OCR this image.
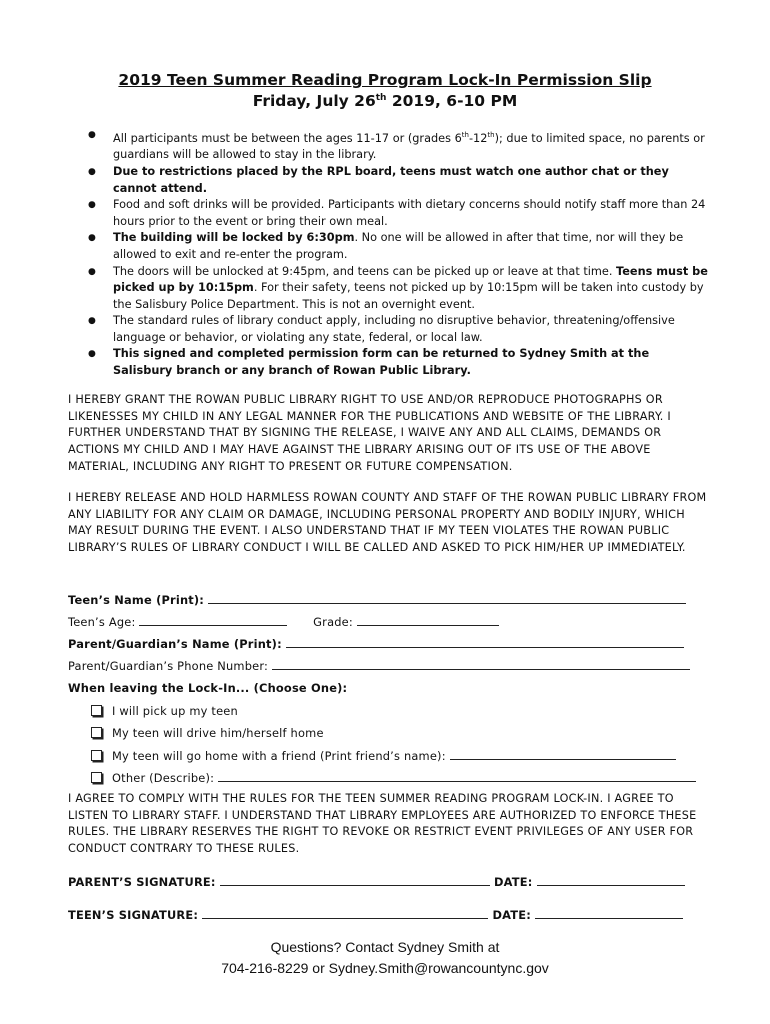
2019 Teen Summer Reading Program Lock-In Permission Slip
Friday, July 26th 2019, 6-10 PM
● All participants must be between the ages 11-17 or (grades 6th-12th); due to limited space, no parents or guardians will be allowed to stay in the library.
● Due to restrictions placed by the RPL board, teens must watch one author chat or they cannot attend.
● Food and soft drinks will be provided. Participants with dietary concerns should notify staff more than 24 hours prior to the event or bring their own meal.
● The building will be locked by 6:30pm. No one will be allowed in after that time, nor will they be allowed to exit and re-enter the program.
● The doors will be unlocked at 9:45pm, and teens can be picked up or leave at that time. Teens must be picked up by 10:15pm. For their safety, teens not picked up by 10:15pm will be taken into custody by the Salisbury Police Department. This is not an overnight event.
● The standard rules of library conduct apply, including no disruptive behavior, threatening/offensive language or behavior, or violating any state, federal, or local law.
● This signed and completed permission form can be returned to Sydney Smith at the Salisbury branch or any branch of Rowan Public Library.

I HEREBY GRANT THE ROWAN PUBLIC LIBRARY RIGHT TO USE AND/OR REPRODUCE PHOTOGRAPHS OR LIKENESSES MY CHILD IN ANY LEGAL MANNER FOR THE PUBLICATIONS AND WEBSITE OF THE LIBRARY. I FURTHER UNDERSTAND THAT BY SIGNING THE RELEASE, I WAIVE ANY AND ALL CLAIMS, DEMANDS OR ACTIONS MY CHILD AND I MAY HAVE AGAINST THE LIBRARY ARISING OUT OF ITS USE OF THE ABOVE MATERIAL, INCLUDING ANY RIGHT TO PRESENT OR FUTURE COMPENSATION.

I HEREBY RELEASE AND HOLD HARMLESS ROWAN COUNTY AND STAFF OF THE ROWAN PUBLIC LIBRARY FROM ANY LIABILITY FOR ANY CLAIM OR DAMAGE, INCLUDING PERSONAL PROPERTY AND BODILY INJURY, WHICH MAY RESULT DURING THE EVENT. I ALSO UNDERSTAND THAT IF MY TEEN VIOLATES THE ROWAN PUBLIC LIBRARY’S RULES OF LIBRARY CONDUCT I WILL BE CALLED AND ASKED TO PICK HIM/HER UP IMMEDIATELY.

Teen’s Name (Print):
Teen’s Age:	Grade:
Parent/Guardian’s Name (Print):
Parent/Guardian’s Phone Number:
When leaving the Lock-In... (Choose One):
I will pick up my teen
My teen will drive him/herself home
My teen will go home with a friend (Print friend’s name):
Other (Describe):

I AGREE TO COMPLY WITH THE RULES FOR THE TEEN SUMMER READING PROGRAM LOCK-IN. I AGREE TO LISTEN TO LIBRARY STAFF. I UNDERSTAND THAT LIBRARY EMPLOYEES ARE AUTHORIZED TO ENFORCE THESE RULES. THE LIBRARY RESERVES THE RIGHT TO REVOKE OR RESTRICT EVENT PRIVILEGES OF ANY USER FOR CONDUCT CONTRARY TO THESE RULES.

PARENT’S SIGNATURE:	DATE:
TEEN’S SIGNATURE:	DATE:
Questions? Contact Sydney Smith at
704-216-8229 or Sydney.Smith@rowancountync.gov
